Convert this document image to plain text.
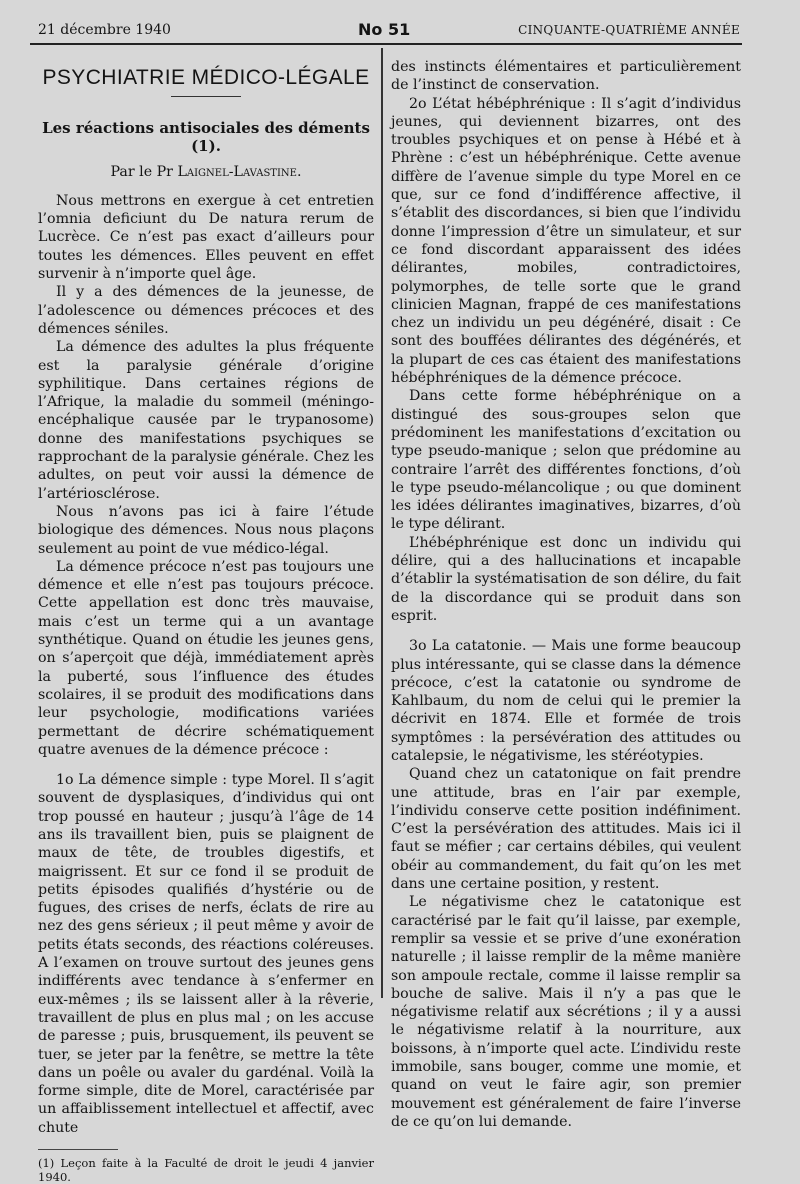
21 décembre 1940	No 51	CINQUANTE-QUATRIÈME ANNÉE
PSYCHIATRIE MÉDICO-LÉGALE
Les réactions antisociales des déments (1).
Par le Pr Laignel-Lavastine.

Nous mettrons en exergue à cet entretien l’omnia deficiunt du De natura rerum de Lucrèce. Ce n’est pas exact d’ailleurs pour toutes les démences. Elles peuvent en effet survenir à n’importe quel âge.

Il y a des démences de la jeunesse, de l’adolescence ou démences précoces et des démences séniles.

La démence des adultes la plus fréquente est la paralysie générale d’origine syphilitique. Dans certaines régions de l’Afrique, la maladie du sommeil (méningo-encéphalique causée par le trypanosome) donne des manifestations psychiques se rapprochant de la paralysie générale. Chez les adultes, on peut voir aussi la démence de l’artériosclérose.

Nous n’avons pas ici à faire l’étude biologique des démences. Nous nous plaçons seulement au point de vue médico-légal.

La démence précoce n’est pas toujours une démence et elle n’est pas toujours précoce. Cette appellation est donc très mauvaise, mais c’est un terme qui a un avantage synthétique. Quand on étudie les jeunes gens, on s’aperçoit que déjà, immédiatement après la puberté, sous l’influence des études scolaires, il se produit des modifications dans leur psychologie, modifications variées permettant de décrire schématiquement quatre avenues de la démence précoce :

1o La démence simple : type Morel. Il s’agit souvent de dysplasiques, d’individus qui ont trop poussé en hauteur ; jusqu’à l’âge de 14 ans ils travaillent bien, puis se plaignent de maux de tête, de troubles digestifs, et maigrissent. Et sur ce fond il se produit de petits épisodes qualifiés d’hystérie ou de fugues, des crises de nerfs, éclats de rire au nez des gens sérieux ; il peut même y avoir de petits états seconds, des réactions coléreuses. A l’examen on trouve surtout des jeunes gens indifférents avec tendance à s’enfermer en eux-mêmes ; ils se laissent aller à la rêverie, travaillent de plus en plus mal ; on les accuse de paresse ; puis, brusquement, ils peuvent se tuer, se jeter par la fenêtre, se mettre la tête dans un poêle ou avaler du gardénal. Voilà la forme simple, dite de Morel, caractérisée par un affaiblissement intellectuel et affectif, avec chute

(1) Leçon faite à la Faculté de droit le jeudi 4 janvier 1940.

des instincts élémentaires et particulièrement de l’instinct de conservation.

2o L’état hébéphrénique : Il s’agit d’individus jeunes, qui deviennent bizarres, ont des troubles psychiques et on pense à Hébé et à Phrène : c’est un hébéphrénique. Cette avenue diffère de l’avenue simple du type Morel en ce que, sur ce fond d’indifférence affective, il s’établit des discordances, si bien que l’individu donne l’impression d’être un simulateur, et sur ce fond discordant apparaissent des idées délirantes, mobiles, contradictoires, polymorphes, de telle sorte que le grand clinicien Magnan, frappé de ces manifestations chez un individu un peu dégénéré, disait : Ce sont des bouffées délirantes des dégénérés, et la plupart de ces cas étaient des manifestations hébéphréniques de la démence précoce.

Dans cette forme hébéphrénique on a distingué des sous-groupes selon que prédominent les manifestations d’excitation ou type pseudo-manique ; selon que prédomine au contraire l’arrêt des différentes fonctions, d’où le type pseudo-mélancolique ; ou que dominent les idées délirantes imaginatives, bizarres, d’où le type délirant.

L’hébéphrénique est donc un individu qui délire, qui a des hallucinations et incapable d’établir la systématisation de son délire, du fait de la discordance qui se produit dans son esprit.

3o La catatonie. — Mais une forme beaucoup plus intéressante, qui se classe dans la démence précoce, c’est la catatonie ou syndrome de Kahlbaum, du nom de celui qui le premier la décrivit en 1874. Elle et formée de trois symptômes : la persévération des attitudes ou catalepsie, le négativisme, les stéréotypies.

Quand chez un catatonique on fait prendre une attitude, bras en l’air par exemple, l’individu conserve cette position indéfiniment. C’est la persévération des attitudes. Mais ici il faut se méfier ; car certains débiles, qui veulent obéir au commandement, du fait qu’on les met dans une certaine position, y restent.

Le négativisme chez le catatonique est caractérisé par le fait qu’il laisse, par exemple, remplir sa vessie et se prive d’une exonération naturelle ; il laisse remplir de la même manière son ampoule rectale, comme il laisse remplir sa bouche de salive. Mais il n’y a pas que le négativisme relatif aux sécrétions ; il y a aussi le négativisme relatif à la nourriture, aux boissons, à n’importe quel acte. L’individu reste immobile, sans bouger, comme une momie, et quand on veut le faire agir, son premier mouvement est généralement de faire l’inverse de ce qu’on lui demande.
